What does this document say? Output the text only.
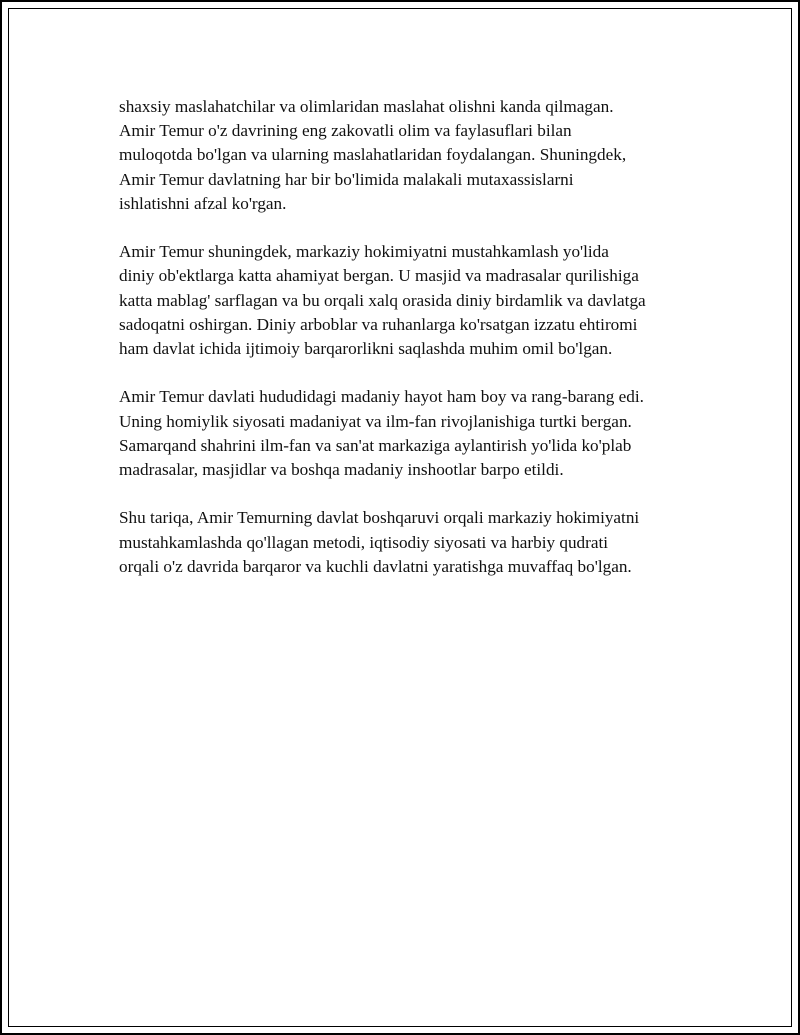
shaxsiy maslahatchilar va olimlaridan maslahat olishni kanda qilmagan.
Amir Temur o'z davrining eng zakovatli olim va faylasuflari bilan
muloqotda bo'lgan va ularning maslahatlaridan foydalangan. Shuningdek,
Amir Temur davlatning har bir bo'limida malakali mutaxassislarni
ishlatishni afzal ko'rgan.

Amir Temur shuningdek, markaziy hokimiyatni mustahkamlash yo'lida
diniy ob'ektlarga katta ahamiyat bergan. U masjid va madrasalar qurilishiga
katta mablag' sarflagan va bu orqali xalq orasida diniy birdamlik va davlatga
sadoqatni oshirgan. Diniy arboblar va ruhanlarga ko'rsatgan izzatu ehtiromi
ham davlat ichida ijtimoiy barqarorlikni saqlashda muhim omil bo'lgan.

Amir Temur davlati hududidagi madaniy hayot ham boy va rang-barang edi.
Uning homiylik siyosati madaniyat va ilm-fan rivojlanishiga turtki bergan.
Samarqand shahrini ilm-fan va san'at markaziga aylantirish yo'lida ko'plab
madrasalar, masjidlar va boshqa madaniy inshootlar barpo etildi.

Shu tariqa, Amir Temurning davlat boshqaruvi orqali markaziy hokimiyatni
mustahkamlashda qo'llagan metodi, iqtisodiy siyosati va harbiy qudrati
orqali o'z davrida barqaror va kuchli davlatni yaratishga muvaffaq bo'lgan.
